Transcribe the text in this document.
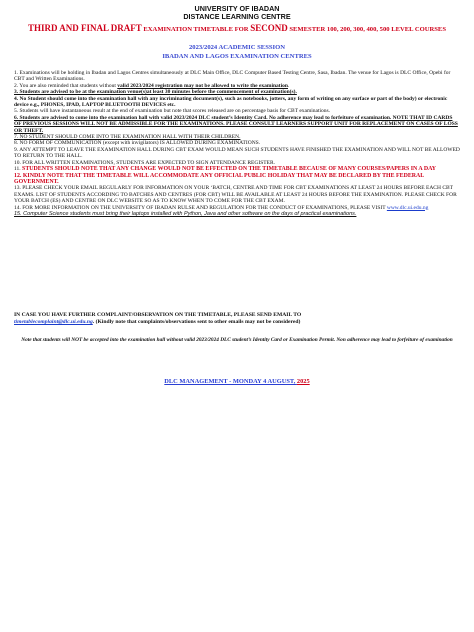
UNIVERSITY OF IBADAN
DISTANCE LEARNING CENTRE
THIRD AND FINAL DRAFT EXAMINATION TIMETABLE FOR SECOND SEMESTER 100, 200, 300, 400, 500 LEVEL COURSES
2023/2024 ACADEMIC SESSION
IBADAN AND LAGOS EXAMINATION CENTRES

1. Examinations will be holding in Ibadan and Lagos Centres simultaneously at DLC Main Office, DLC Computer Based Testing Centre, Sasa, Ibadan. The venue for Lagos is DLC Office, Opebi for CBT and Written Examinations.

2. You are also reminded that students without valid 2023/2024 registration may not be allowed to write the examination.

3. Students are advised to be at the examination venue(s)at least 30 minutes before the commencement of examination(s).

4. No Student should come into the examination hall with any incriminating document(s), such as notebooks, jotters, any form of writing on any surface or part of the body) or electronic device e.g., PHONES, IPAD, LAPTOP BLUETOOTH DEVICES etc.

5. Students will have instantaneous result at the end of examination but note that scores released are on percentage basis for CBT examinations.

6. Students are advised to come into the examination hall with valid 2023/2024 DLC student’s Identity Card. No adherence may lead to forfeiture of examination. NOTE THAT ID CARDS OF PREVIOUS SESSIONS WILL NOT BE ADMISSIBLE FOR THE EXAMINATIONS. PLEASE CONSULT LEARNERS SUPPORT UNIT FOR REPLACEMENT ON CASES OF LOSS OR THEFT.

7. NO STUDENT SHOULD COME INTO THE EXAMINATION HALL WITH THEIR CHILDREN.

8. NO FORM OF COMMUNICATION (except with invigilators) IS ALLOWED DURING EXAMINATIONS.

9. ANY ATTEMPT TO LEAVE THE EXAMINATION HALL DURING CBT EXAM WOULD MEAN SUCH STUDENTS HAVE FINISHED THE EXAMINATION AND WILL NOT BE ALLOWED TO RETURN TO THE HALL.

10. FOR ALL WRITTEN EXAMINATIONS, STUDENTS ARE EXPECTED TO SIGN ATTENDANCE REGISTER.

11. STUDENTS SHOULD NOTE THAT ANY CHANGE WOULD NOT BE EFFECTED ON THE TIMETABLE BECAUSE OF MANY COURSES/PAPERS IN A DAY

12. KINDLY NOTE THAT THE TIMETABLE WILL ACCOMMODATE ANY OFFICIAL PUBLIC HOLIDAY THAT MAY BE DECLARED BY THE FEDERAL GOVERNMENT.

13. PLEASE CHECK YOUR EMAIL REGULARLY FOR INFORMATION ON YOUR ‘BATCH, CENTRE AND TIME FOR CBT EXAMINATIONS AT LEAST 24 HOURS BEFORE EACH CBT EXAMS. LIST OF STUDENTS ACCORDING TO BATCHES AND CENTRES (FOR CBT) WILL BE AVAILABLE AT LEAST 24 HOURS BEFORE THE EXAMINATION. PLEASE CHECK FOR YOUR BATCH (ES) AND CENTRE ON DLC WEBSITE SO AS TO KNOW WHEN TO COME FOR THE CBT EXAM.

14. FOR MORE INFORMATION ON THE UNIVERSITY OF IBADAN RULSE AND REGULATION FOR THE CONDUCT OF EXAMINATIONS, PLEASE VISIT www.dlc.ui.edu.ng

15. Computer Science students must bring their laptops installed with Python, Java and other software on the days of practical examinations.

IN CASE YOU HAVE FURTHER COMPLAINT/OBSERVATION ON THE TIMETABLE, PLEASE SEND EMAIL TO
timetablecomplaint@dlc.ui.edu.ng. (Kindly note that complaints/observations sent to other emails may not be considered)
Note that students will NOT be accepted into the examination hall without valid 2023/2024 DLC student’s Identity Card or Examination Permit. Non adherence may lead to forfeiture of examination
DLC MANAGEMENT - MONDAY 4 AUGUST, 2025
